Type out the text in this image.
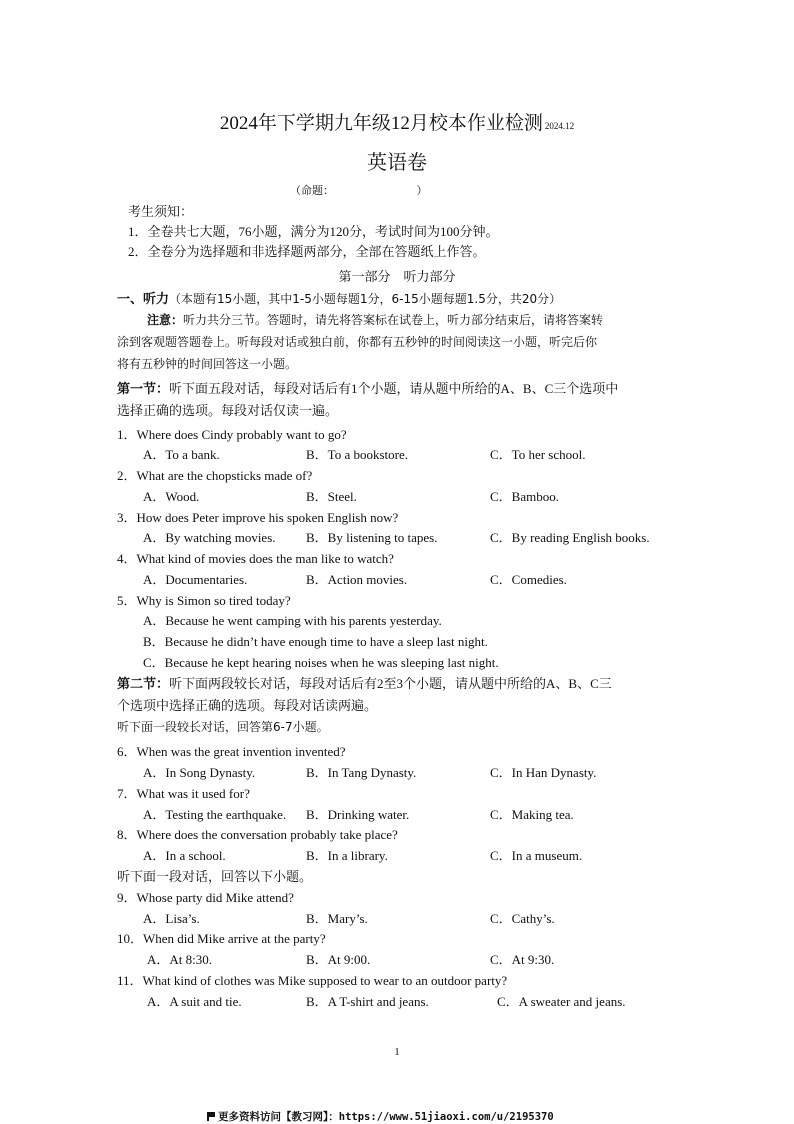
2024年下学期九年级12月校本作业检测 2024.12
英语卷
（命题：                              ）
考生须知：
1．全卷共七大题，76小题，满分为120分，考试时间为100分钟。
2．全卷分为选择题和非选择题两部分，全部在答题纸上作答。
第一部分    听力部分
一、听力（本题有15小题，其中1-5小题每题1分，6-15小题每题1.5分，共20分）
注意：听力共分三节。答题时，请先将答案标在试卷上，听力部分结束后，请将答案转
涂到客观题答题卷上。听每段对话或独白前，你都有五秒钟的时间阅读这一小题，听完后你
将有五秒钟的时间回答这一小题。
第一节：听下面五段对话，每段对话后有1个小题，请从题中所给的A、B、C三个选项中
选择正确的选项。每段对话仅读一遍。
1．Where does Cindy probably want to go?
A．To a bank.	B．To a bookstore.	C．To her school.
2．What are the chopsticks made of?
A．Wood.	B．Steel.	C．Bamboo.
3．How does Peter improve his spoken English now?
A．By watching movies. B．By listening to tapes.	C．By reading English books.
4．What kind of movies does the man like to watch?
A．Documentaries.	B．Action movies.	C．Comedies.
5．Why is Simon so tired today?
A．Because he went camping with his parents yesterday.
B．Because he didn’t have enough time to have a sleep last night.
C．Because he kept hearing noises when he was sleeping last night.
第二节：听下面两段较长对话，每段对话后有2至3个小题，请从题中所给的A、B、C三
个选项中选择正确的选项。每段对话读两遍。
听下面一段较长对话，回答第6-7小题。
6．When was the great invention invented?
A．In Song Dynasty.	B．In Tang Dynasty.	C．In Han Dynasty.
7．What was it used for?
A．Testing the earthquake. B．Drinking water.	C．Making tea.
8．Where does the conversation probably take place?
A．In a school.	B．In a library.	C．In a museum.
听下面一段对话，回答以下小题。
9．Whose party did Mike attend?
A．Lisa’s.	B．Mary’s.	C．Cathy’s.
10．When did Mike arrive at the party?
A．At 8:30.	B．At 9:00.	C．At 9:30.
11．What kind of clothes was Mike supposed to wear to an outdoor party?
A．A suit and tie.	B．A T-shirt and jeans.	C．A sweater and jeans.
1
更多资料访问【教习网】：https://www.51jiaoxi.com/u/2195370
